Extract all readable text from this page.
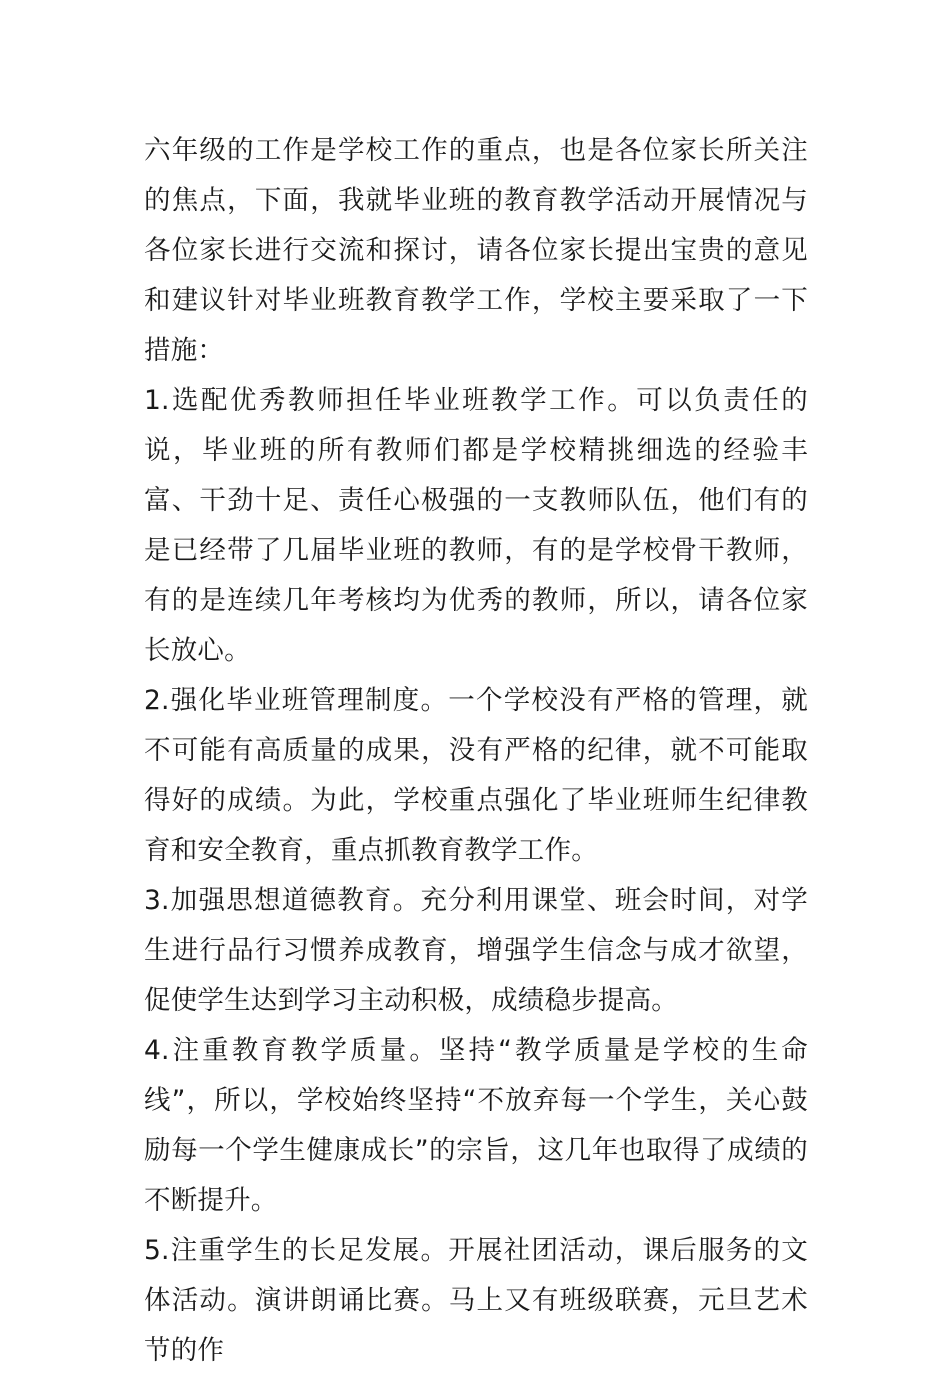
六年级的工作是学校工作的重点，也是各位家长所关注的焦点，下面，我就毕业班的教育教学活动开展情况与各位家长进行交流和探讨，请各位家长提出宝贵的意见和建议针对毕业班教育教学工作，学校主要采取了一下措施：

1.选配优秀教师担任毕业班教学工作。可以负责任的说，毕业班的所有教师们都是学校精挑细选的经验丰富、干劲十足、责任心极强的一支教师队伍，他们有的是已经带了几届毕业班的教师，有的是学校骨干教师，有的是连续几年考核均为优秀的教师，所以，请各位家长放心。

2.强化毕业班管理制度。一个学校没有严格的管理，就不可能有高质量的成果，没有严格的纪律，就不可能取得好的成绩。为此，学校重点强化了毕业班师生纪律教育和安全教育，重点抓教育教学工作。

3.加强思想道德教育。充分利用课堂、班会时间，对学生进行品行习惯养成教育，增强学生信念与成才欲望，促使学生达到学习主动积极，成绩稳步提高。

4.注重教育教学质量。坚持“教学质量是学校的生命线”，所以，学校始终坚持“不放弃每一个学生，关心鼓励每一个学生健康成长”的宗旨，这几年也取得了成绩的不断提升。

5.注重学生的长足发展。开展社团活动，课后服务的文体活动。演讲朗诵比赛。马上又有班级联赛，元旦艺术节的作
